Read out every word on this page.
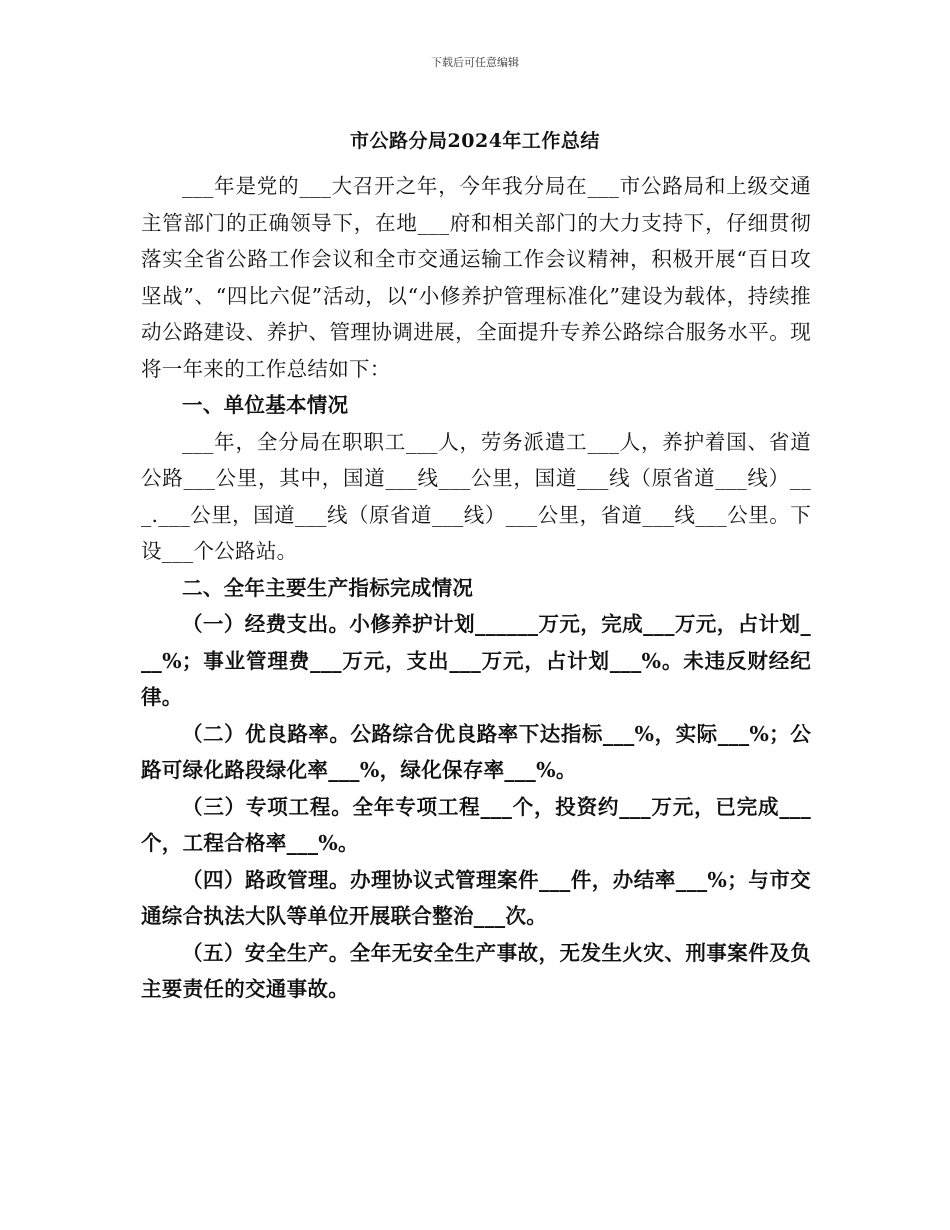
下载后可任意编辑
市公路分局2024年工作总结

___年是党的___大召开之年，今年我分局在___市公路局和上级交通主管部门的正确领导下，在地___府和相关部门的大力支持下，仔细贯彻落实全省公路工作会议和全市交通运输工作会议精神，积极开展“百日攻坚战”、“四比六促”活动，以“小修养护管理标准化”建设为载体，持续推动公路建设、养护、管理协调进展，全面提升专养公路综合服务水平。现将一年来的工作总结如下：

一、单位基本情况

___年，全分局在职职工___人，劳务派遣工___人，养护着国、省道公路___公里，其中，国道___线___公里，国道___线（原省道___线）___.___公里，国道___线（原省道___线）___公里，省道___线___公里。下设___个公路站。

二、全年主要生产指标完成情况

（一）经费支出。小修养护计划______万元，完成___万元，占计划___%；事业管理费___万元，支出___万元，占计划___%。未违反财经纪律。

（二）优良路率。公路综合优良路率下达指标___%，实际___%；公路可绿化路段绿化率___%，绿化保存率___%。

（三）专项工程。全年专项工程___个，投资约___万元，已完成___个，工程合格率___%。

（四）路政管理。办理协议式管理案件___件，办结率___%；与市交通综合执法大队等单位开展联合整治___次。

（五）安全生产。全年无安全生产事故，无发生火灾、刑事案件及负主要责任的交通事故。
